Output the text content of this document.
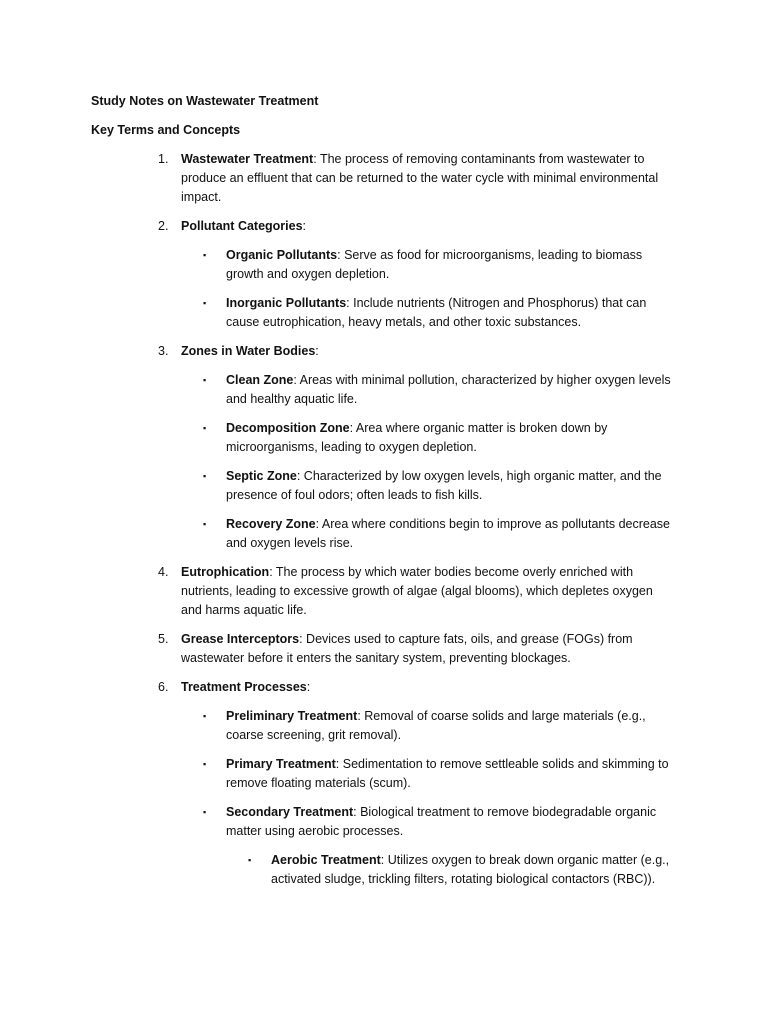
Study Notes on Wastewater Treatment

Key Terms and Concepts

1. Wastewater Treatment: The process of removing contaminants from wastewater to produce an effluent that can be returned to the water cycle with minimal environmental impact.
2. Pollutant Categories:
▪ Organic Pollutants: Serve as food for microorganisms, leading to biomass growth and oxygen depletion.
▪ Inorganic Pollutants: Include nutrients (Nitrogen and Phosphorus) that can cause eutrophication, heavy metals, and other toxic substances.
3. Zones in Water Bodies:
▪ Clean Zone: Areas with minimal pollution, characterized by higher oxygen levels and healthy aquatic life.
▪ Decomposition Zone: Area where organic matter is broken down by microorganisms, leading to oxygen depletion.
▪ Septic Zone: Characterized by low oxygen levels, high organic matter, and the presence of foul odors; often leads to fish kills.
▪ Recovery Zone: Area where conditions begin to improve as pollutants decrease and oxygen levels rise.
4. Eutrophication: The process by which water bodies become overly enriched with nutrients, leading to excessive growth of algae (algal blooms), which depletes oxygen and harms aquatic life.
5. Grease Interceptors: Devices used to capture fats, oils, and grease (FOGs) from wastewater before it enters the sanitary system, preventing blockages.
6. Treatment Processes:
▪ Preliminary Treatment: Removal of coarse solids and large materials (e.g., coarse screening, grit removal).
▪ Primary Treatment: Sedimentation to remove settleable solids and skimming to remove floating materials (scum).
▪ Secondary Treatment: Biological treatment to remove biodegradable organic matter using aerobic processes.
▪ Aerobic Treatment: Utilizes oxygen to break down organic matter (e.g., activated sludge, trickling filters, rotating biological contactors (RBC)).
